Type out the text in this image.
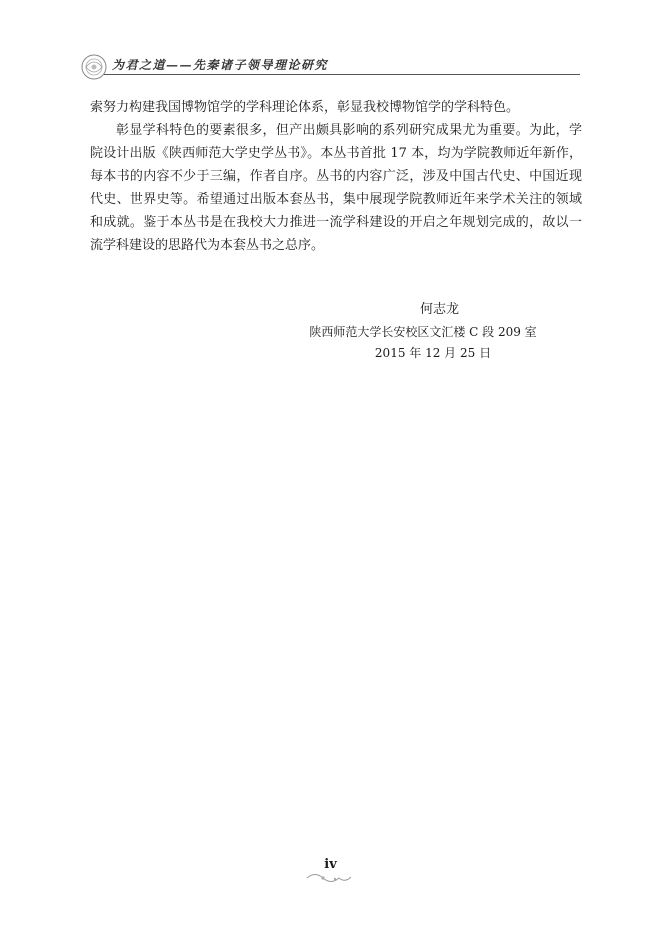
为君之道——先秦诸子领导理论研究

索努力构建我国博物馆学的学科理论体系，彰显我校博物馆学的学科特色。

彰显学科特色的要素很多，但产出颇具影响的系列研究成果尤为重要。为此，学院设计出版《陕西师范大学史学丛书》。本丛书首批 17 本，均为学院教师近年新作，每本书的内容不少于三编，作者自序。丛书的内容广泛，涉及中国古代史、中国近现代史、世界史等。希望通过出版本套丛书，集中展现学院教师近年来学术关注的领域和成就。鉴于本丛书是在我校大力推进一流学科建设的开启之年规划完成的，故以一流学科建设的思路代为本套丛书之总序。

何志龙
陕西师范大学长安校区文汇楼 C 段 209 室
2015 年 12 月 25 日
iv
